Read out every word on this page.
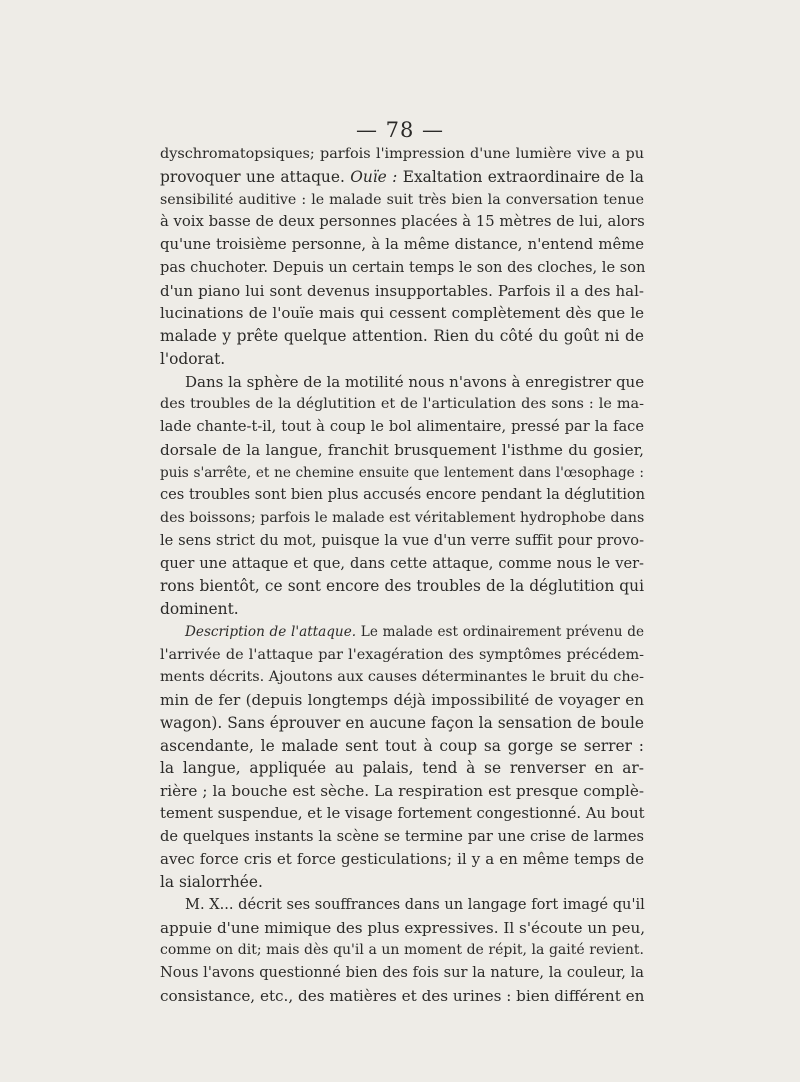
— 78 —
dyschromatopsiques; parfois l'impression d'une lumière vive a pu
provoquer une attaque. Ouïe : Exaltation extraordinaire de la
sensibilité auditive : le malade suit très bien la conversation tenue
à voix basse de deux personnes placées à 15 mètres de lui, alors
qu'une troisième personne, à la même distance, n'entend même
pas chuchoter. Depuis un certain temps le son des cloches, le son
d'un piano lui sont devenus insupportables. Parfois il a des hal-
lucinations de l'ouïe mais qui cessent complètement dès que le
malade y prête quelque attention. Rien du côté du goût ni de
l'odorat.
Dans la sphère de la motilité nous n'avons à enregistrer que
des troubles de la déglutition et de l'articulation des sons : le ma-
lade chante-t-il, tout à coup le bol alimentaire, pressé par la face
dorsale de la langue, franchit brusquement l'isthme du gosier,
puis s'arrête, et ne chemine ensuite que lentement dans l'œsophage :
ces troubles sont bien plus accusés encore pendant la déglutition
des boissons; parfois le malade est véritablement hydrophobe dans
le sens strict du mot, puisque la vue d'un verre suffit pour provo-
quer une attaque et que, dans cette attaque, comme nous le ver-
rons bientôt, ce sont encore des troubles de la déglutition qui
dominent.
Description de l'attaque. Le malade est ordinairement prévenu de
l'arrivée de l'attaque par l'exagération des symptômes précédem-
ments décrits. Ajoutons aux causes déterminantes le bruit du che-
min de fer (depuis longtemps déjà impossibilité de voyager en
wagon). Sans éprouver en aucune façon la sensation de boule
ascendante, le malade sent tout à coup sa gorge se serrer :
la langue, appliquée au palais, tend à se renverser en ar-
rière ; la bouche est sèche. La respiration est presque complè-
tement suspendue, et le visage fortement congestionné. Au bout
de quelques instants la scène se termine par une crise de larmes
avec force cris et force gesticulations; il y a en même temps de
la sialorrhée.
M. X... décrit ses souffrances dans un langage fort imagé qu'il
appuie d'une mimique des plus expressives. Il s'écoute un peu,
comme on dit; mais dès qu'il a un moment de répit, la gaité revient.
Nous l'avons questionné bien des fois sur la nature, la couleur, la
consistance, etc., des matières et des urines : bien différent en
